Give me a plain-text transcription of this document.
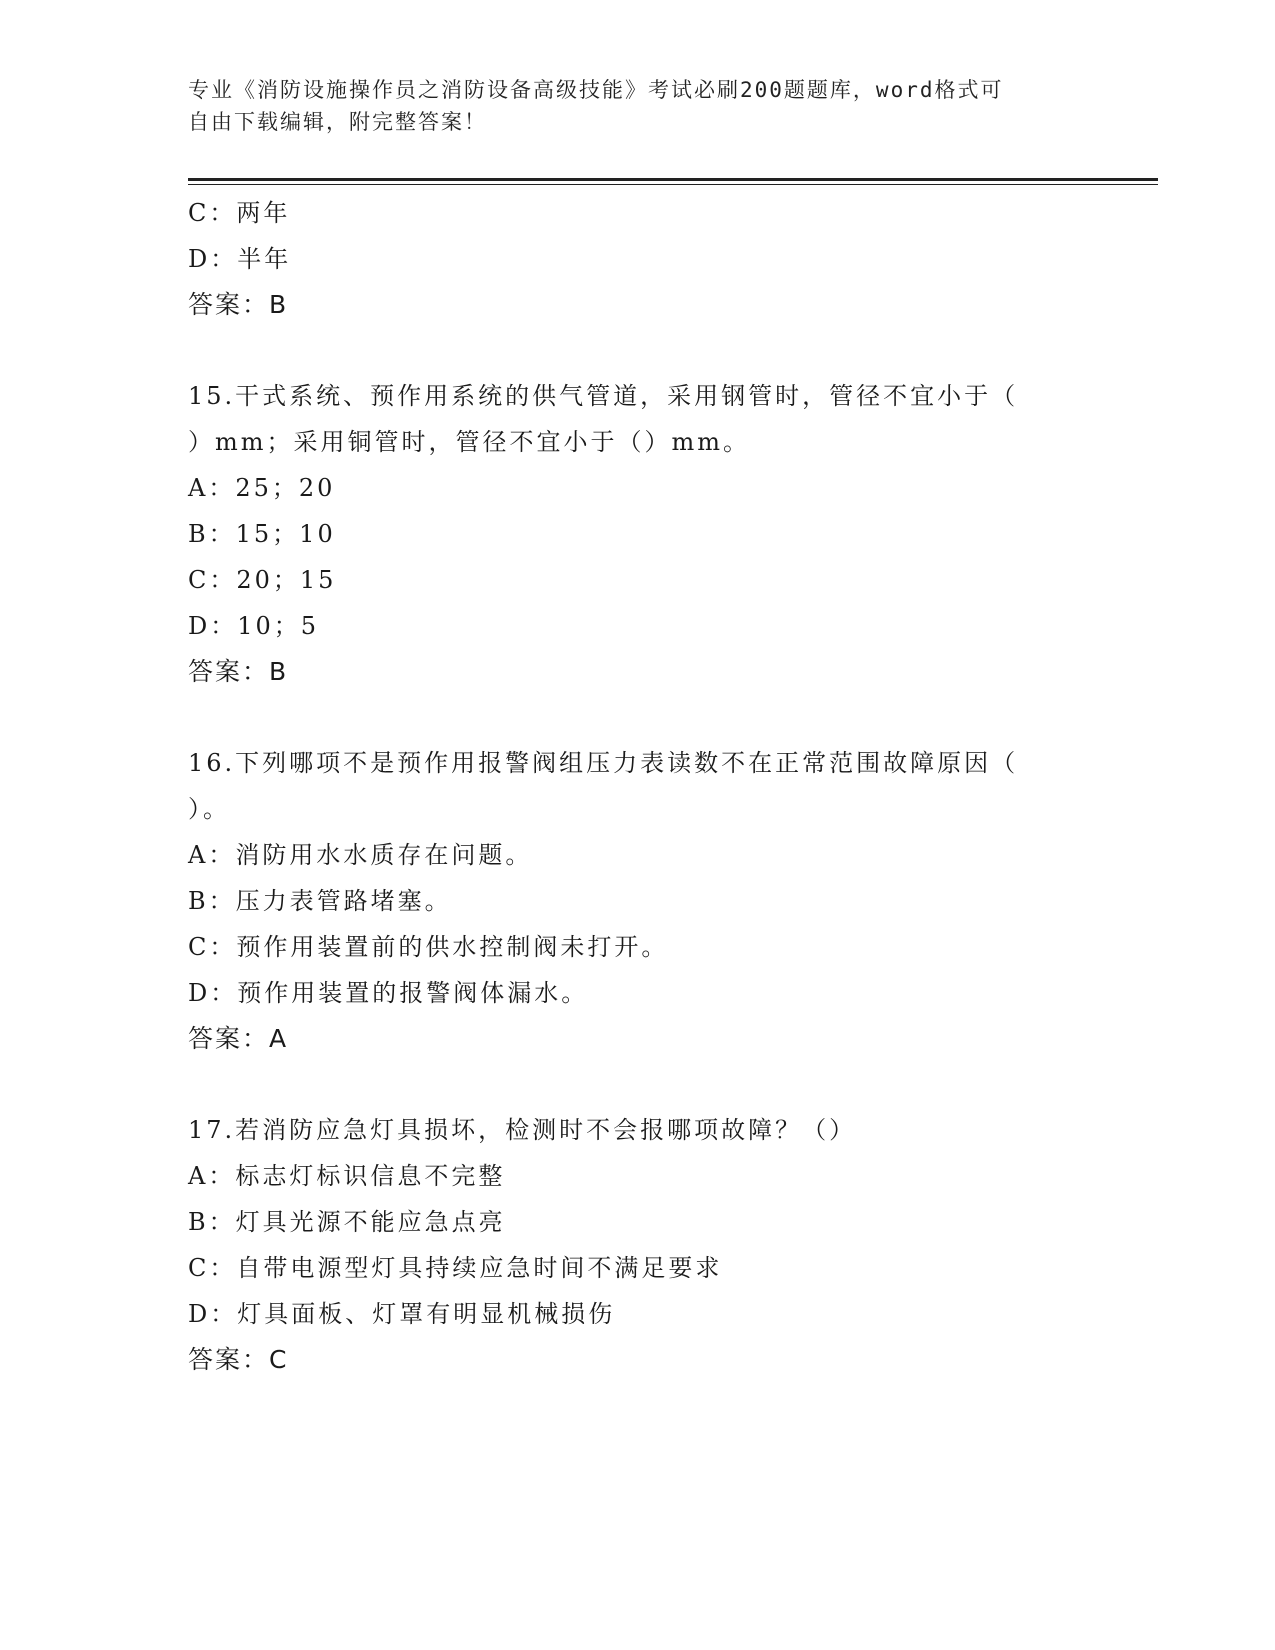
专业《消防设施操作员之消防设备高级技能》考试必刷200题题库，word格式可
自由下载编辑，附完整答案！
C：两年
D：半年
答案：B
15.干式系统、预作用系统的供气管道，采用钢管时，管径不宜小于（
）mm；采用铜管时，管径不宜小于（）mm。
A：25；20
B：15；10
C：20；15
D：10；5
答案：B
16.下列哪项不是预作用报警阀组压力表读数不在正常范围故障原因（
）。
A：消防用水水质存在问题。
B：压力表管路堵塞。
C：预作用装置前的供水控制阀未打开。
D：预作用装置的报警阀体漏水。
答案：A
17.若消防应急灯具损坏，检测时不会报哪项故障？（）
A：标志灯标识信息不完整
B：灯具光源不能应急点亮
C：自带电源型灯具持续应急时间不满足要求
D：灯具面板、灯罩有明显机械损伤
答案：C
